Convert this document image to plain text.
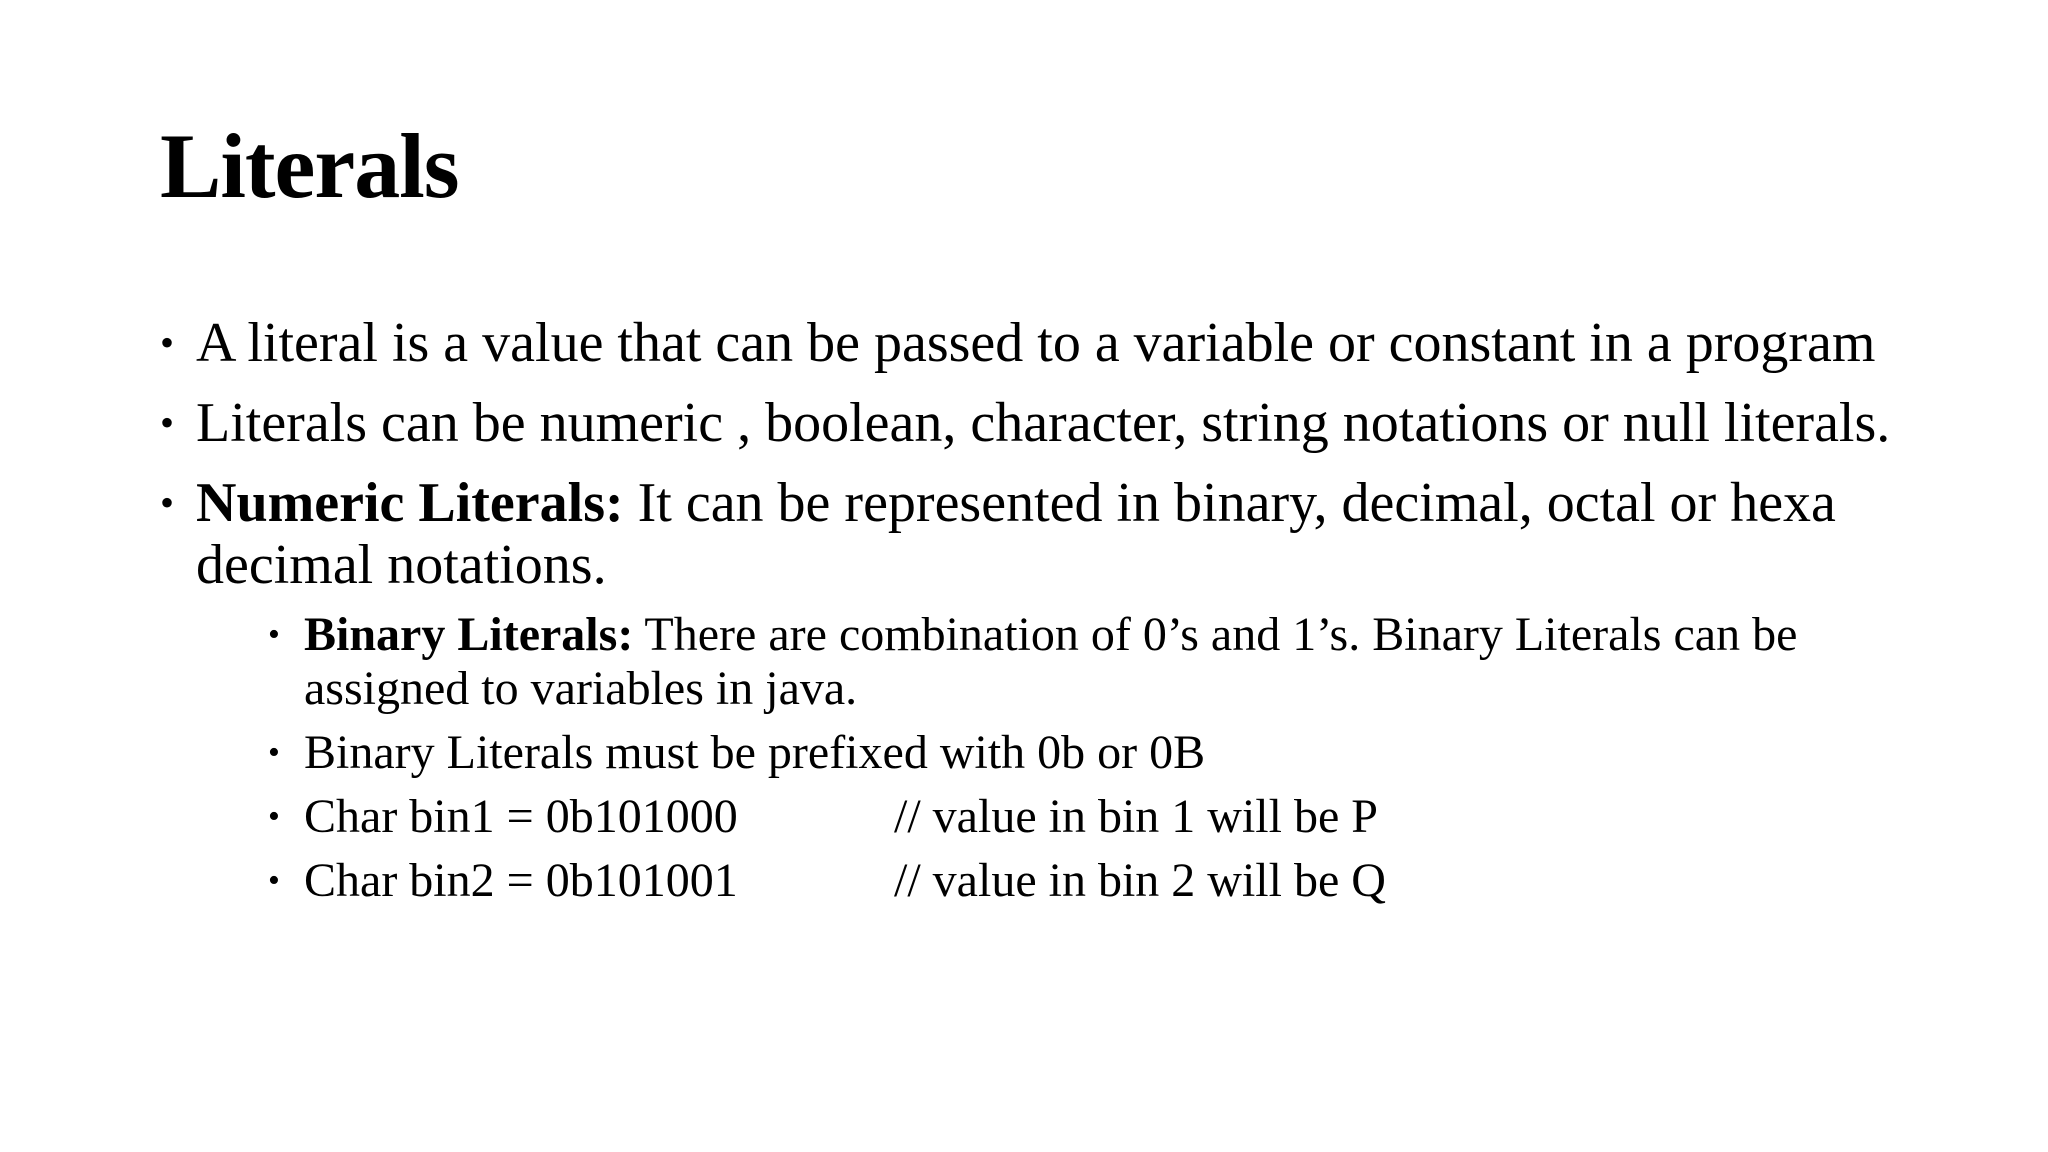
Literals
• A literal is a value that can be passed to a variable or constant in a program
• Literals can be numeric , boolean, character, string notations or null literals.
• Numeric Literals: It can be represented in binary, decimal, octal or hexa decimal notations.
• Binary Literals: There are combination of 0’s and 1’s. Binary Literals can be assigned to variables in java.
• Binary Literals must be prefixed with 0b or 0B
• Char bin1 = 0b101000	// value in bin 1 will be P
• Char bin2 = 0b101001	// value in bin 2 will be Q
